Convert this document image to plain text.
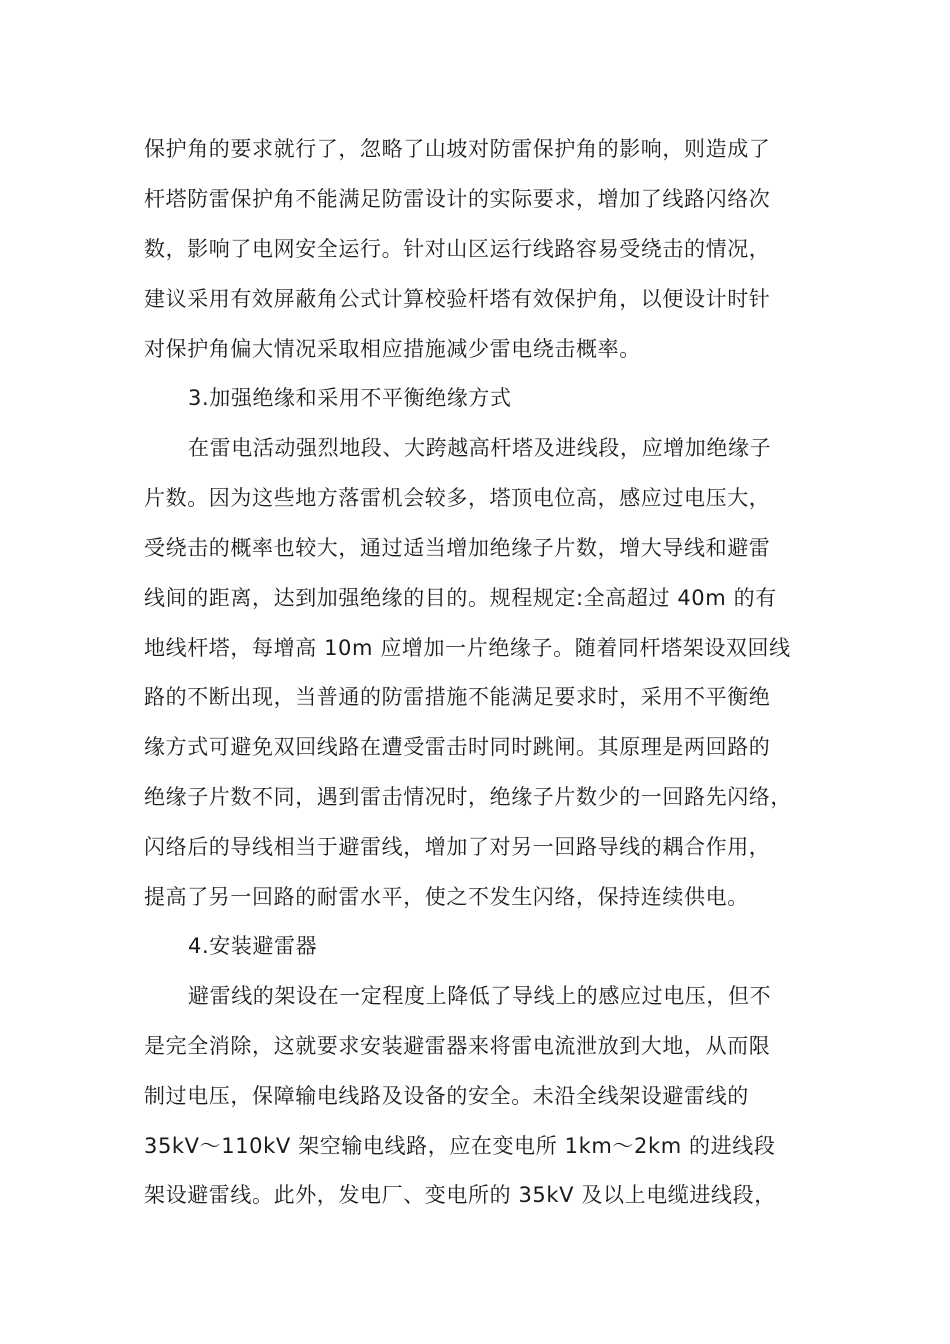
保护角的要求就行了，忽略了山坡对防雷保护角的影响，则造成了
杆塔防雷保护角不能满足防雷设计的实际要求，增加了线路闪络次
数，影响了电网安全运行。针对山区运行线路容易受绕击的情况，
建议采用有效屏蔽角公式计算校验杆塔有效保护角，以便设计时针
对保护角偏大情况采取相应措施减少雷电绕击概率。
3.加强绝缘和采用不平衡绝缘方式
在雷电活动强烈地段、大跨越高杆塔及进线段，应增加绝缘子
片数。因为这些地方落雷机会较多，塔顶电位高，感应过电压大，
受绕击的概率也较大，通过适当增加绝缘子片数，增大导线和避雷
线间的距离，达到加强绝缘的目的。规程规定:全高超过 40m 的有
地线杆塔，每增高 10m 应增加一片绝缘子。随着同杆塔架设双回线
路的不断出现，当普通的防雷措施不能满足要求时，采用不平衡绝
缘方式可避免双回线路在遭受雷击时同时跳闸。其原理是两回路的
绝缘子片数不同，遇到雷击情况时，绝缘子片数少的一回路先闪络，
闪络后的导线相当于避雷线，增加了对另一回路导线的耦合作用，
提高了另一回路的耐雷水平，使之不发生闪络，保持连续供电。
4.安装避雷器
避雷线的架设在一定程度上降低了导线上的感应过电压，但不
是完全消除，这就要求安装避雷器来将雷电流泄放到大地，从而限
制过电压，保障输电线路及设备的安全。未沿全线架设避雷线的
35kV～110kV 架空输电线路，应在变电所 1km～2km 的进线段
架设避雷线。此外，发电厂、变电所的 35kV 及以上电缆进线段，
